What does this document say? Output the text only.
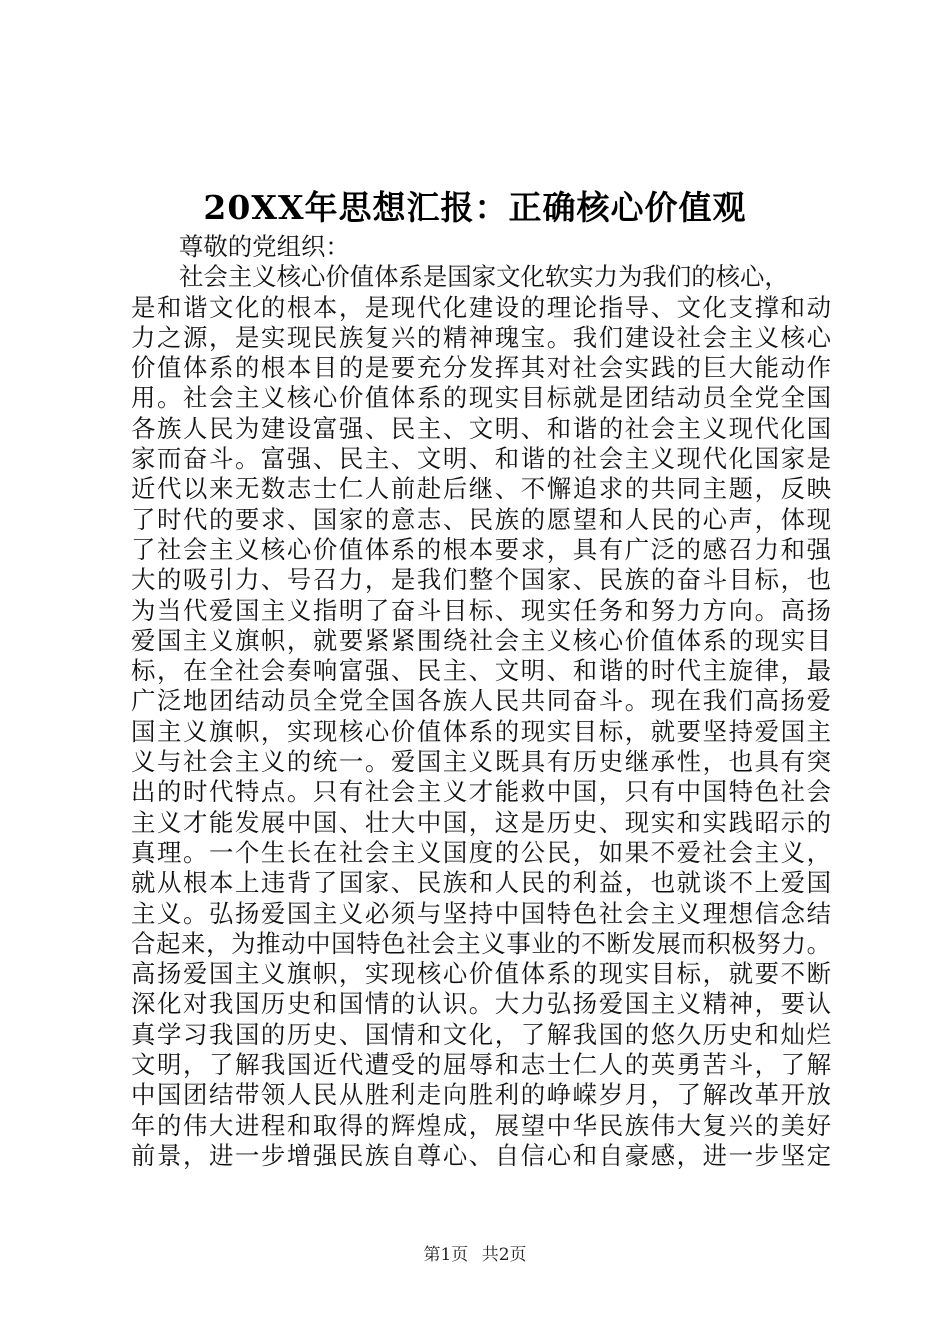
20XX年思想汇报：正确核心价值观
尊敬的党组织：
社会主义核心价值体系是国家文化软实力为我们的核心，
是和谐文化的根本，是现代化建设的理论指导、文化支撑和动
力之源，是实现民族复兴的精神瑰宝。我们建设社会主义核心
价值体系的根本目的是要充分发挥其对社会实践的巨大能动作
用。社会主义核心价值体系的现实目标就是团结动员全党全国
各族人民为建设富强、民主、文明、和谐的社会主义现代化国
家而奋斗。富强、民主、文明、和谐的社会主义现代化国家是
近代以来无数志士仁人前赴后继、不懈追求的共同主题，反映
了时代的要求、国家的意志、民族的愿望和人民的心声，体现
了社会主义核心价值体系的根本要求，具有广泛的感召力和强
大的吸引力、号召力，是我们整个国家、民族的奋斗目标，也
为当代爱国主义指明了奋斗目标、现实任务和努力方向。高扬
爱国主义旗帜，就要紧紧围绕社会主义核心价值体系的现实目
标，在全社会奏响富强、民主、文明、和谐的时代主旋律，最
广泛地团结动员全党全国各族人民共同奋斗。现在我们高扬爱
国主义旗帜，实现核心价值体系的现实目标，就要坚持爱国主
义与社会主义的统一。爱国主义既具有历史继承性，也具有突
出的时代特点。只有社会主义才能救中国，只有中国特色社会
主义才能发展中国、壮大中国，这是历史、现实和实践昭示的
真理。一个生长在社会主义国度的公民，如果不爱社会主义，
就从根本上违背了国家、民族和人民的利益，也就谈不上爱国
主义。弘扬爱国主义必须与坚持中国特色社会主义理想信念结
合起来，为推动中国特色社会主义事业的不断发展而积极努力。
高扬爱国主义旗帜，实现核心价值体系的现实目标，就要不断
深化对我国历史和国情的认识。大力弘扬爱国主义精神，要认
真学习我国的历史、国情和文化，了解我国的悠久历史和灿烂
文明，了解我国近代遭受的屈辱和志士仁人的英勇苦斗，了解
中国团结带领人民从胜利走向胜利的峥嵘岁月，了解改革开放
年的伟大进程和取得的辉煌成，展望中华民族伟大复兴的美好
前景，进一步增强民族自尊心、自信心和自豪感，进一步坚定
第1页 共2页
